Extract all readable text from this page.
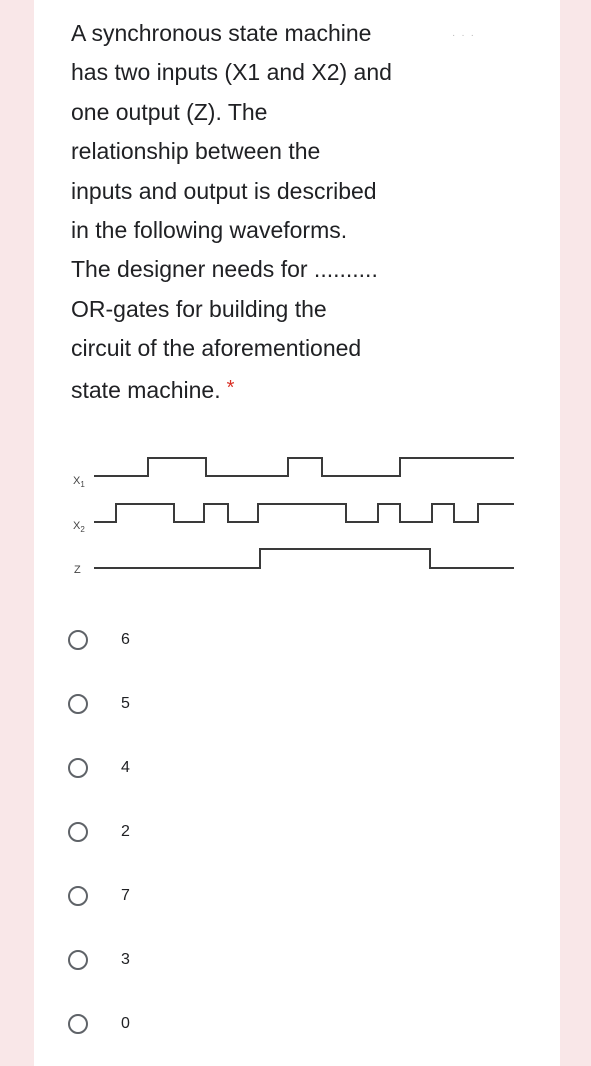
A synchronous state machine
has two inputs (X1 and X2) and
one output (Z). The
relationship between the
inputs and output is described
in the following waveforms.
The designer needs for ..........
OR-gates for building the
circuit of the aforementioned
state machine. *
···
$X_1$
$X_2$
Z
6
5
4
2
7
3
0
